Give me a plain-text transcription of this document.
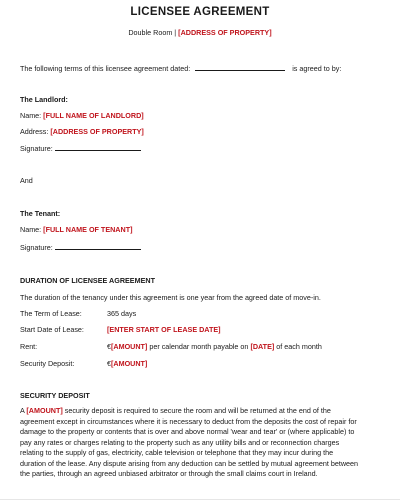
LICENSEE AGREEMENT
Double Room | [ADDRESS OF PROPERTY]
The following terms of this licensee agreement dated:	is agreed to by:
The Landlord:
Name: [FULL NAME OF LANDLORD]
Address: [ADDRESS OF PROPERTY]
Signature:
And
The Tenant:
Name: [FULL NAME OF TENANT]
Signature:
DURATION OF LICENSEE AGREEMENT
The duration of the tenancy under this agreement is one year from the agreed date of move-in.
The Term of Lease:	365 days
Start Date of Lease:	[ENTER START OF LEASE DATE]
Rent:	€[AMOUNT] per calendar month payable on [DATE] of each month
Security Deposit:	€[AMOUNT]
SECURITY DEPOSIT
A [AMOUNT] security deposit is required to secure the room and will be returned at the end of the
agreement except in circumstances where it is necessary to deduct from the deposits the cost of repair for
damage to the property or contents that is over and above normal 'wear and tear' or (where applicable) to
pay any rates or charges relating to the property such as any utility bills and or reconnection charges
relating to the supply of gas, electricity, cable television or telephone that they may incur during the
duration of the lease. Any dispute arising from any deduction can be settled by mutual agreement between
the parties, through an agreed unbiased arbitrator or through the small claims court in Ireland.
